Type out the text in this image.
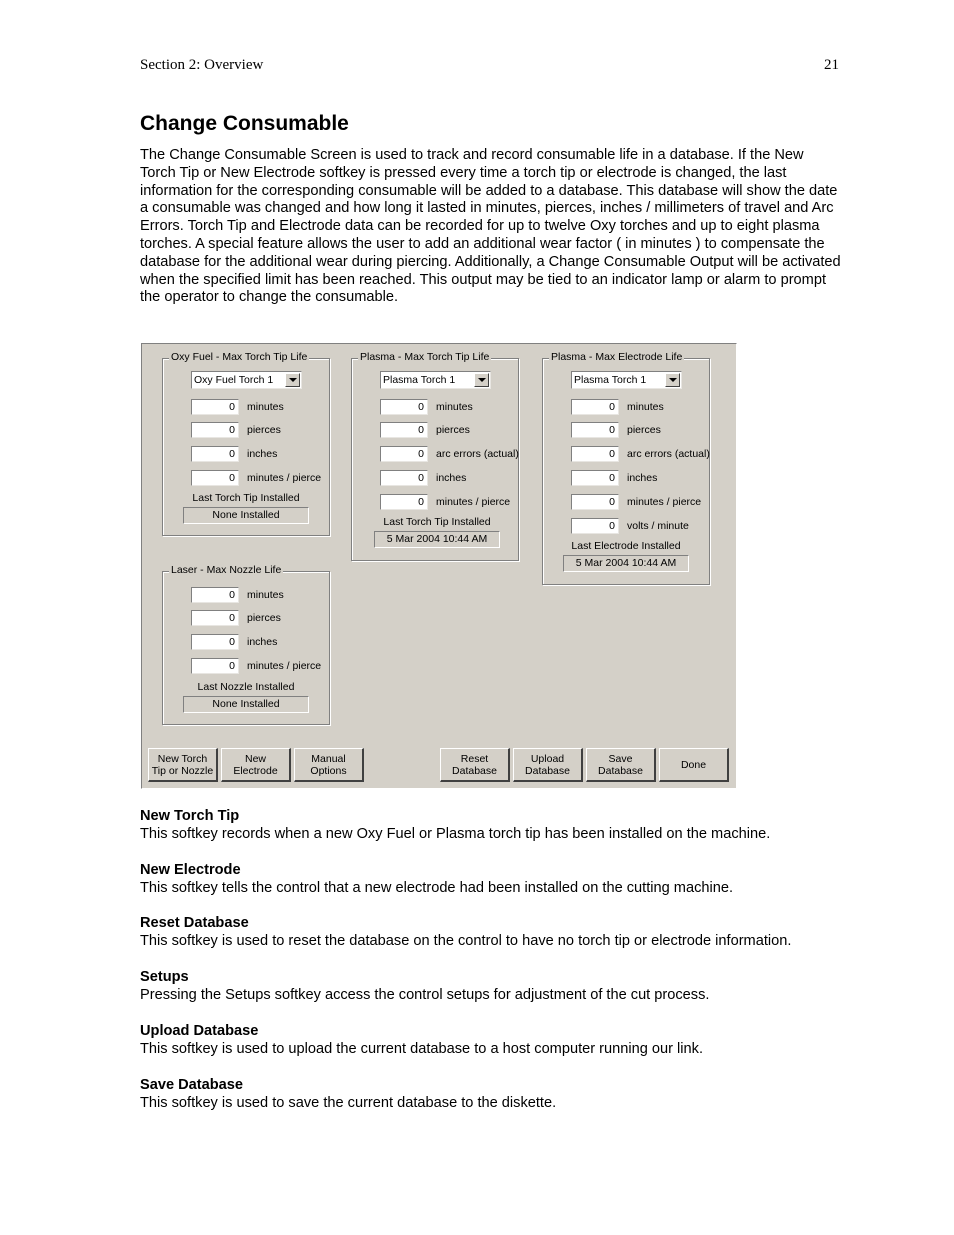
Section 2: Overview	21
Change Consumable

The Change Consumable Screen is used to track and record consumable life in a database. If the New Torch Tip or New Electrode softkey is pressed every time a torch tip or electrode is changed, the last information for the corresponding consumable will be added to a database. This database will show the date a consumable was changed and how long it lasted in minutes, pierces, inches / millimeters of travel and Arc Errors. Torch Tip and Electrode data can be recorded for up to twelve Oxy torches and up to eight plasma torches. A special feature allows the user to add an additional wear factor ( in minutes ) to compensate the database for the additional wear during piercing. Additionally, a Change Consumable Output will be activated when the specified limit has been reached. This output may be tied to an indicator lamp or alarm to prompt the operator to change the consumable.

Oxy Fuel - Max Torch Tip Life
Oxy Fuel Torch 1
0	minutes
0	pierces
0	inches
0	minutes / pierce
Last Torch Tip Installed
None Installed
Plasma - Max Torch Tip Life
Plasma Torch 1
0	minutes
0	pierces
0	arc errors (actual)
0	inches
0	minutes / pierce
Last Torch Tip Installed
5 Mar 2004 10:44 AM
Plasma - Max Electrode Life
Plasma Torch 1
0	minutes
0	pierces
0	arc errors (actual)
0	inches
0	minutes / pierce
0	volts / minute
Last Electrode Installed
5 Mar 2004 10:44 AM
Laser - Max Nozzle Life
0	minutes
0	pierces
0	inches
0	minutes / pierce
Last Nozzle Installed
None Installed
New Torch
Tip or Nozzle
New
Electrode
Manual
Options
Reset
Database
Upload
Database
Save
Database	Done
New Torch Tip

This softkey records when a new Oxy Fuel or Plasma torch tip has been installed on the machine.

New Electrode

This softkey tells the control that a new electrode had been installed on the cutting machine.

Reset Database

This softkey is used to reset the database on the control to have no torch tip or electrode information.

Setups

Pressing the Setups softkey access the control setups for adjustment of the cut process.

Upload Database

This softkey is used to upload the current database to a host computer running our link.

Save Database

This softkey is used to save the current database to the diskette.
